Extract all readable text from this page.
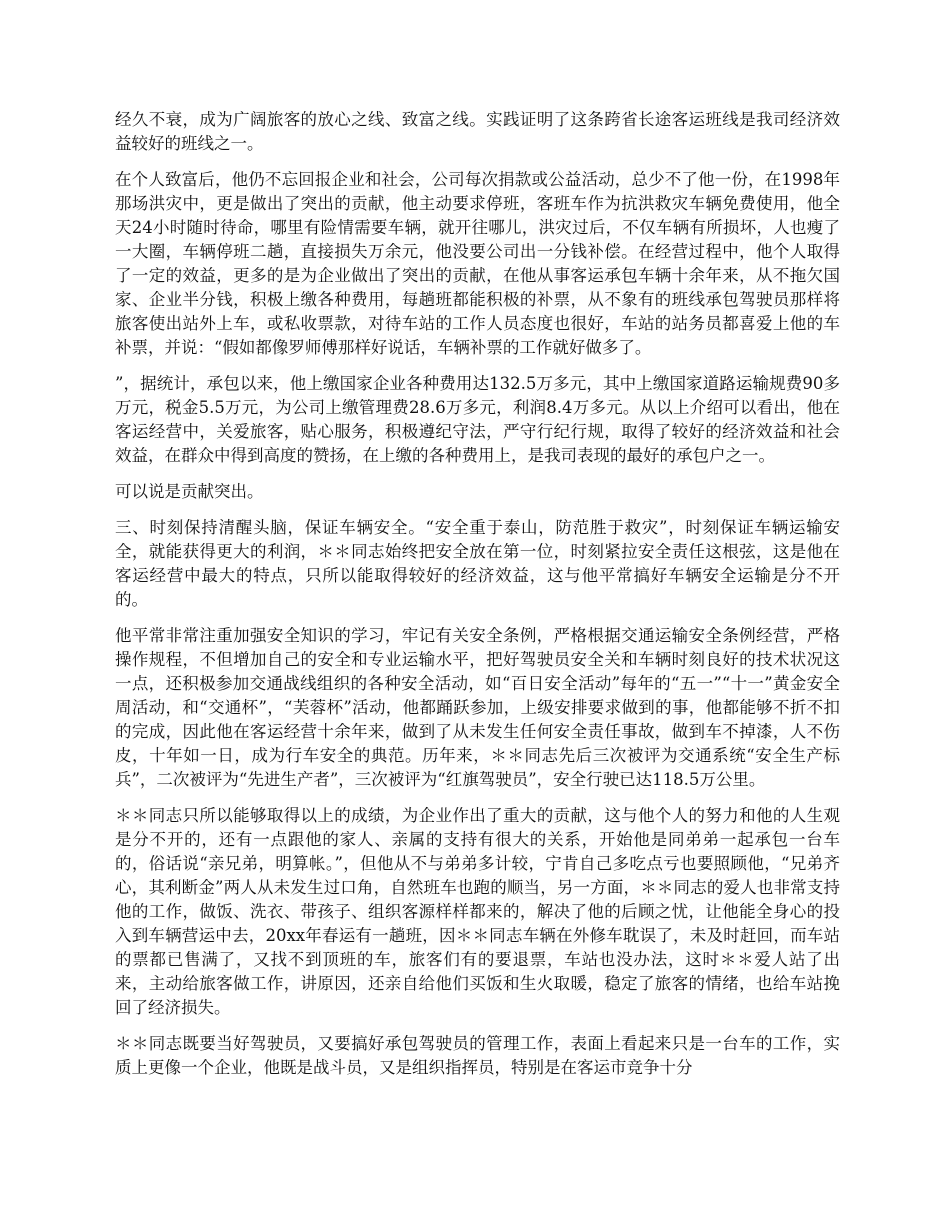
经久不衰，成为广阔旅客的放心之线、致富之线。实践证明了这条跨省长途客运班线是我司经济效益较好的班线之一。

在个人致富后，他仍不忘回报企业和社会，公司每次捐款或公益活动，总少不了他一份，在1998年那场洪灾中，更是做出了突出的贡献，他主动要求停班，客班车作为抗洪救灾车辆免费使用，他全天24小时随时待命，哪里有险情需要车辆，就开往哪儿，洪灾过后，不仅车辆有所损坏，人也瘦了一大圈，车辆停班二趟，直接损失万余元，他没要公司出一分钱补偿。在经营过程中，他个人取得了一定的效益，更多的是为企业做出了突出的贡献，在他从事客运承包车辆十余年来，从不拖欠国家、企业半分钱，积极上缴各种费用，每趟班都能积极的补票，从不象有的班线承包驾驶员那样将旅客使出站外上车，或私收票款，对待车站的工作人员态度也很好，车站的站务员都喜爱上他的车补票，并说：“假如都像罗师傅那样好说话，车辆补票的工作就好做多了。

”，据统计，承包以来，他上缴国家企业各种费用达132.5万多元，其中上缴国家道路运输规费90多万元，税金5.5万元，为公司上缴管理费28.6万多元，利润8.4万多元。从以上介绍可以看出，他在客运经营中，关爱旅客，贴心服务，积极遵纪守法，严守行纪行规，取得了较好的经济效益和社会效益，在群众中得到高度的赞扬，在上缴的各种费用上，是我司表现的最好的承包户之一。

可以说是贡献突出。

三、时刻保持清醒头脑，保证车辆安全。“安全重于泰山，防范胜于救灾”，时刻保证车辆运输安全，就能获得更大的利润，＊＊同志始终把安全放在第一位，时刻紧拉安全责任这根弦，这是他在客运经营中最大的特点，只所以能取得较好的经济效益，这与他平常搞好车辆安全运输是分不开的。

他平常非常注重加强安全知识的学习，牢记有关安全条例，严格根据交通运输安全条例经营，严格操作规程，不但增加自己的安全和专业运输水平，把好驾驶员安全关和车辆时刻良好的技术状况这一点，还积极参加交通战线组织的各种安全活动，如“百日安全活动”每年的“五一”“十一”黄金安全周活动，和“交通杯”，“芙蓉杯”活动，他都踊跃参加，上级安排要求做到的事，他都能够不折不扣的完成，因此他在客运经营十余年来，做到了从未发生任何安全责任事故，做到车不掉漆，人不伤皮，十年如一日，成为行车安全的典范。历年来，＊＊同志先后三次被评为交通系统“安全生产标兵”，二次被评为“先进生产者”，三次被评为“红旗驾驶员”，安全行驶已达118.5万公里。

＊＊同志只所以能够取得以上的成绩，为企业作出了重大的贡献，这与他个人的努力和他的人生观是分不开的，还有一点跟他的家人、亲属的支持有很大的关系，开始他是同弟弟一起承包一台车的，俗话说“亲兄弟，明算帐。”，但他从不与弟弟多计较，宁肯自己多吃点亏也要照顾他，“兄弟齐心，其利断金”两人从未发生过口角，自然班车也跑的顺当，另一方面，＊＊同志的爱人也非常支持他的工作，做饭、洗衣、带孩子、组织客源样样都来的，解决了他的后顾之忧，让他能全身心的投入到车辆营运中去，20xx年春运有一趟班，因＊＊同志车辆在外修车耽误了，未及时赶回，而车站的票都已售满了，又找不到顶班的车，旅客们有的要退票，车站也没办法，这时＊＊爱人站了出来，主动给旅客做工作，讲原因，还亲自给他们买饭和生火取暖，稳定了旅客的情绪，也给车站挽回了经济损失。

＊＊同志既要当好驾驶员，又要搞好承包驾驶员的管理工作，表面上看起来只是一台车的工作，实质上更像一个企业，他既是战斗员，又是组织指挥员，特别是在客运市竞争十分
